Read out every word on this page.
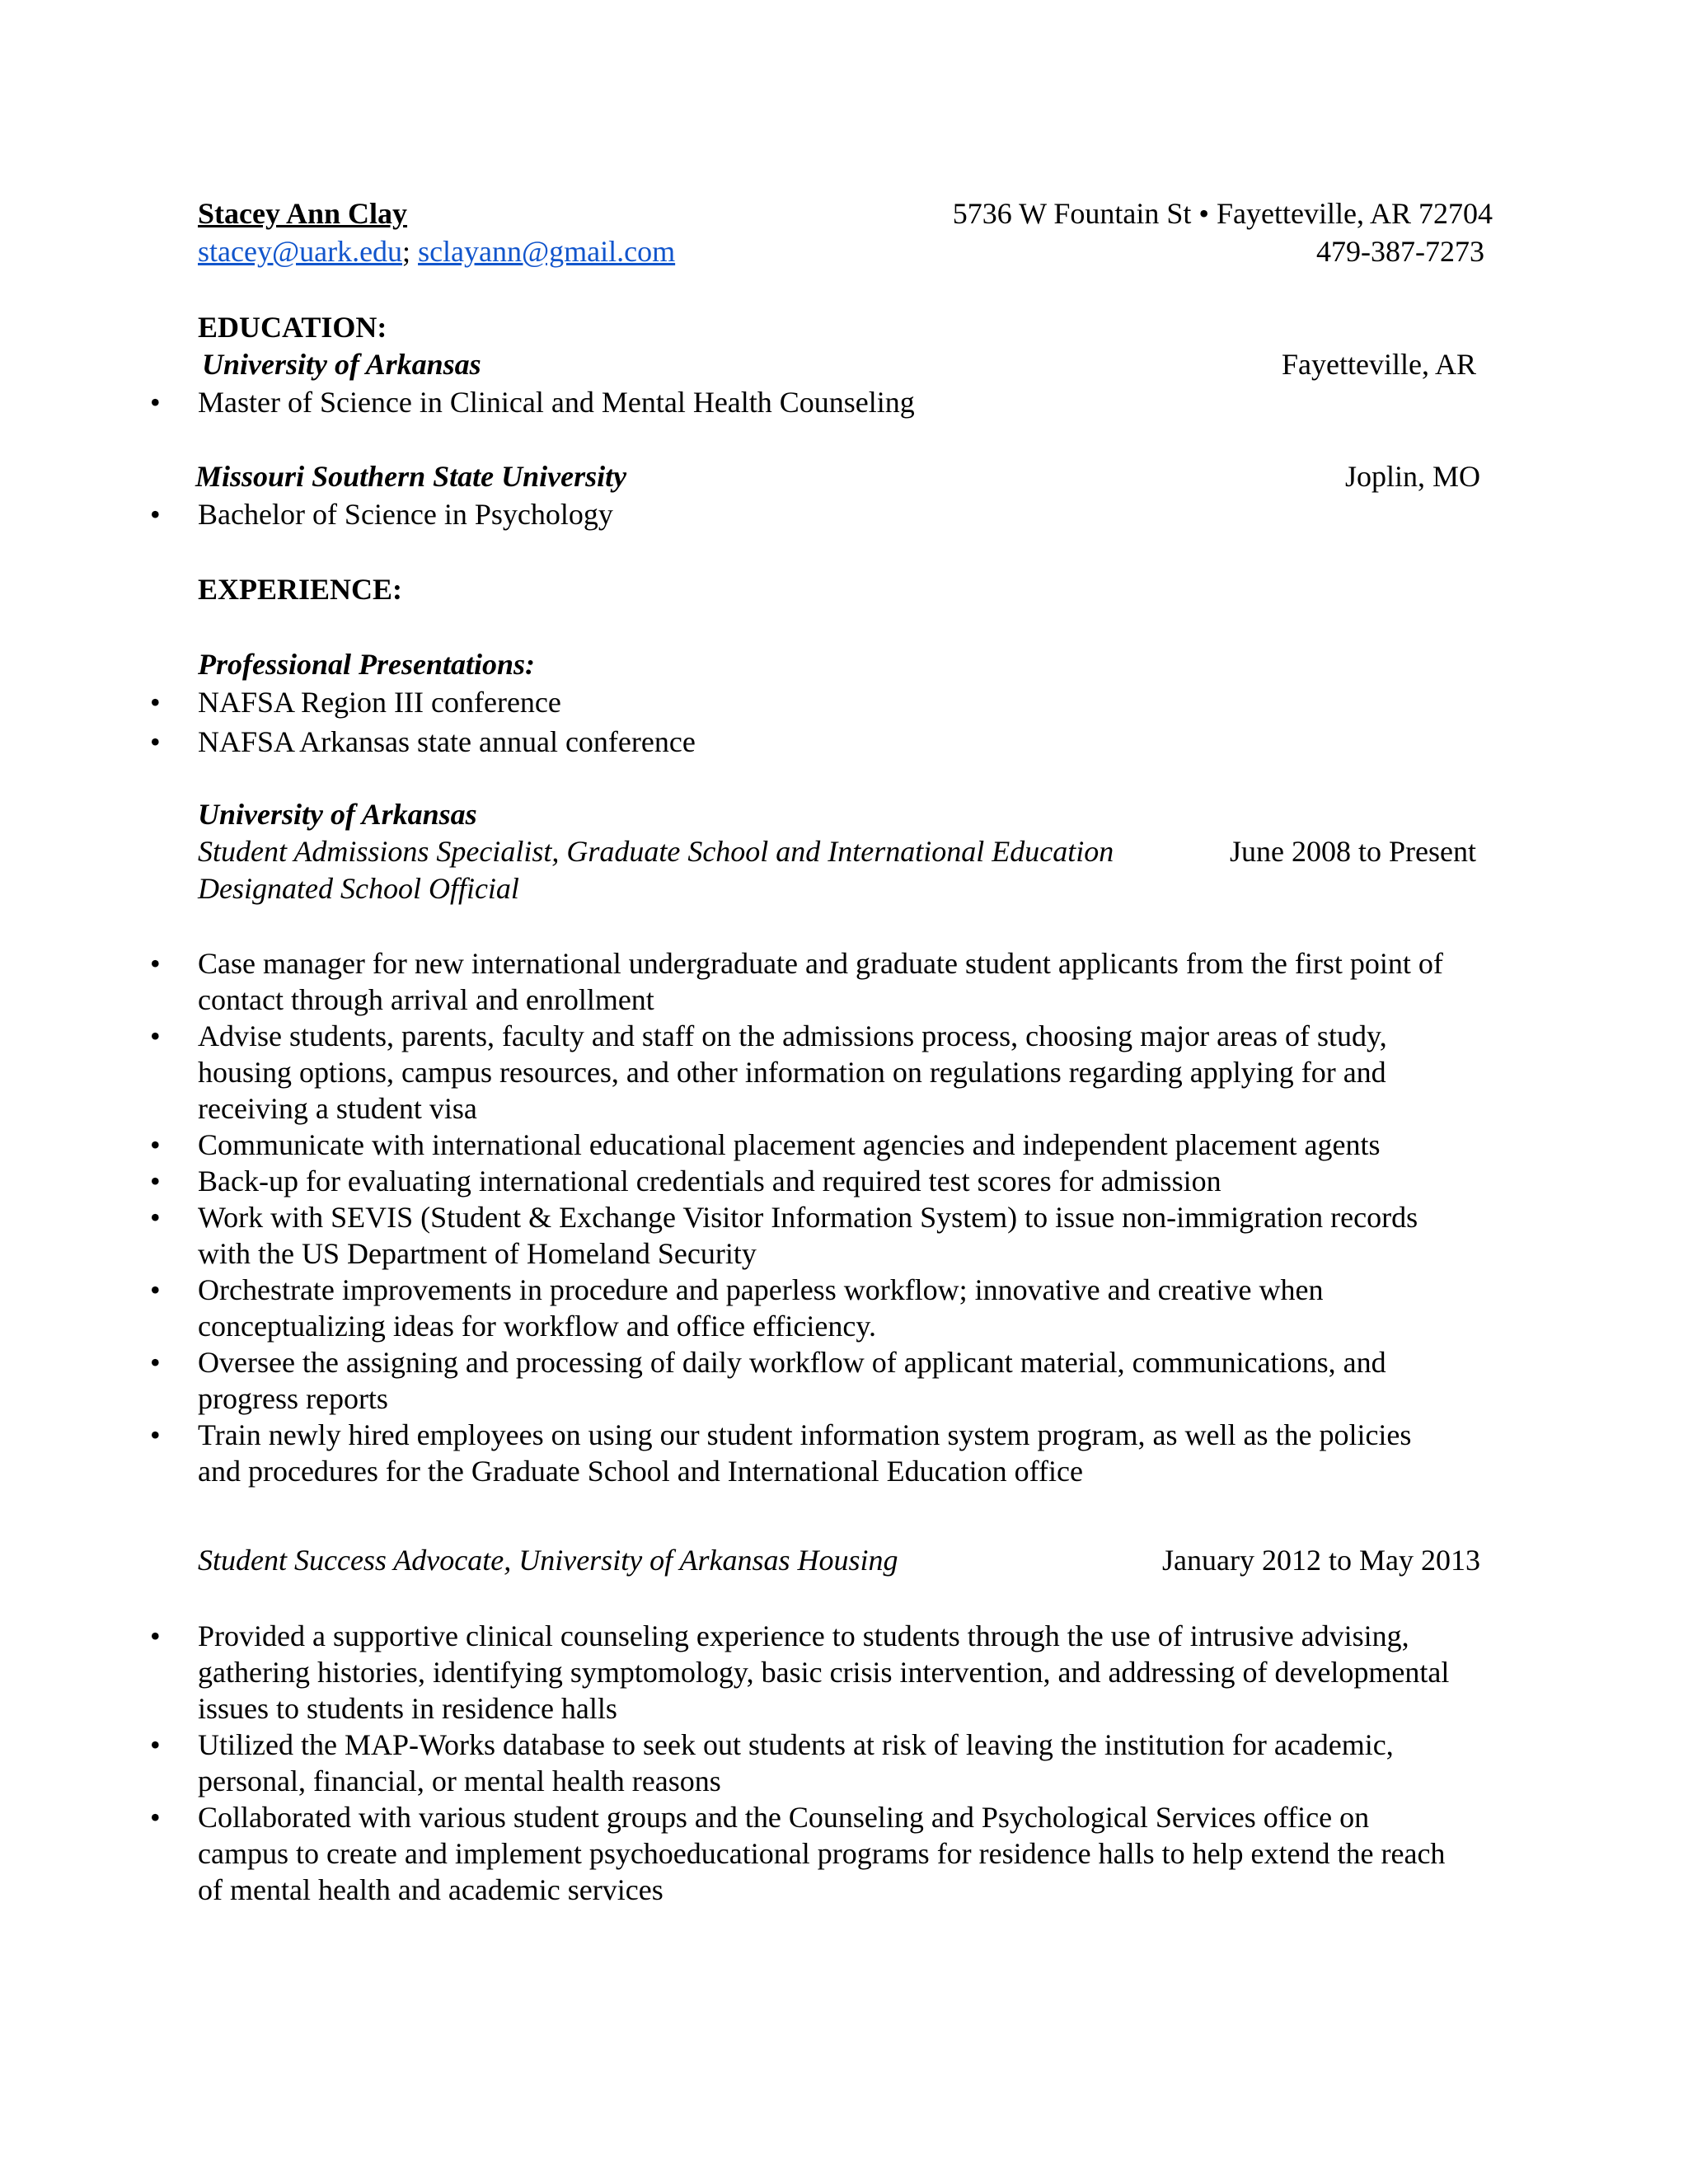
Stacey Ann Clay	5736 W Fountain St • Fayetteville, AR 72704
stacey@uark.edu; sclayann@gmail.com	479-387-7273
EDUCATION:
University of Arkansas	Fayetteville, AR
• Master of Science in Clinical and Mental Health Counseling
Missouri Southern State University	Joplin, MO
• Bachelor of Science in Psychology
EXPERIENCE:
Professional Presentations:
• NAFSA Region III conference
• NAFSA Arkansas state annual conference
University of Arkansas
Student Admissions Specialist, Graduate School and International Education	June 2008 to Present
Designated School Official
• Case manager for new international undergraduate and graduate student applicants from the first point of
contact through arrival and enrollment
• Advise students, parents, faculty and staff on the admissions process, choosing major areas of study,
housing options, campus resources, and other information on regulations regarding applying for and
receiving a student visa
• Communicate with international educational placement agencies and independent placement agents
• Back-up for evaluating international credentials and required test scores for admission
• Work with SEVIS (Student & Exchange Visitor Information System) to issue non-immigration records
with the US Department of Homeland Security
• Orchestrate improvements in procedure and paperless workflow; innovative and creative when
conceptualizing ideas for workflow and office efficiency.
• Oversee the assigning and processing of daily workflow of applicant material, communications, and
progress reports
• Train newly hired employees on using our student information system program, as well as the policies
and procedures for the Graduate School and International Education office
Student Success Advocate, University of Arkansas Housing	January 2012 to May 2013
• Provided a supportive clinical counseling experience to students through the use of intrusive advising,
gathering histories, identifying symptomology, basic crisis intervention, and addressing of developmental
issues to students in residence halls
• Utilized the MAP-Works database to seek out students at risk of leaving the institution for academic,
personal, financial, or mental health reasons
• Collaborated with various student groups and the Counseling and Psychological Services office on
campus to create and implement psychoeducational programs for residence halls to help extend the reach
of mental health and academic services
